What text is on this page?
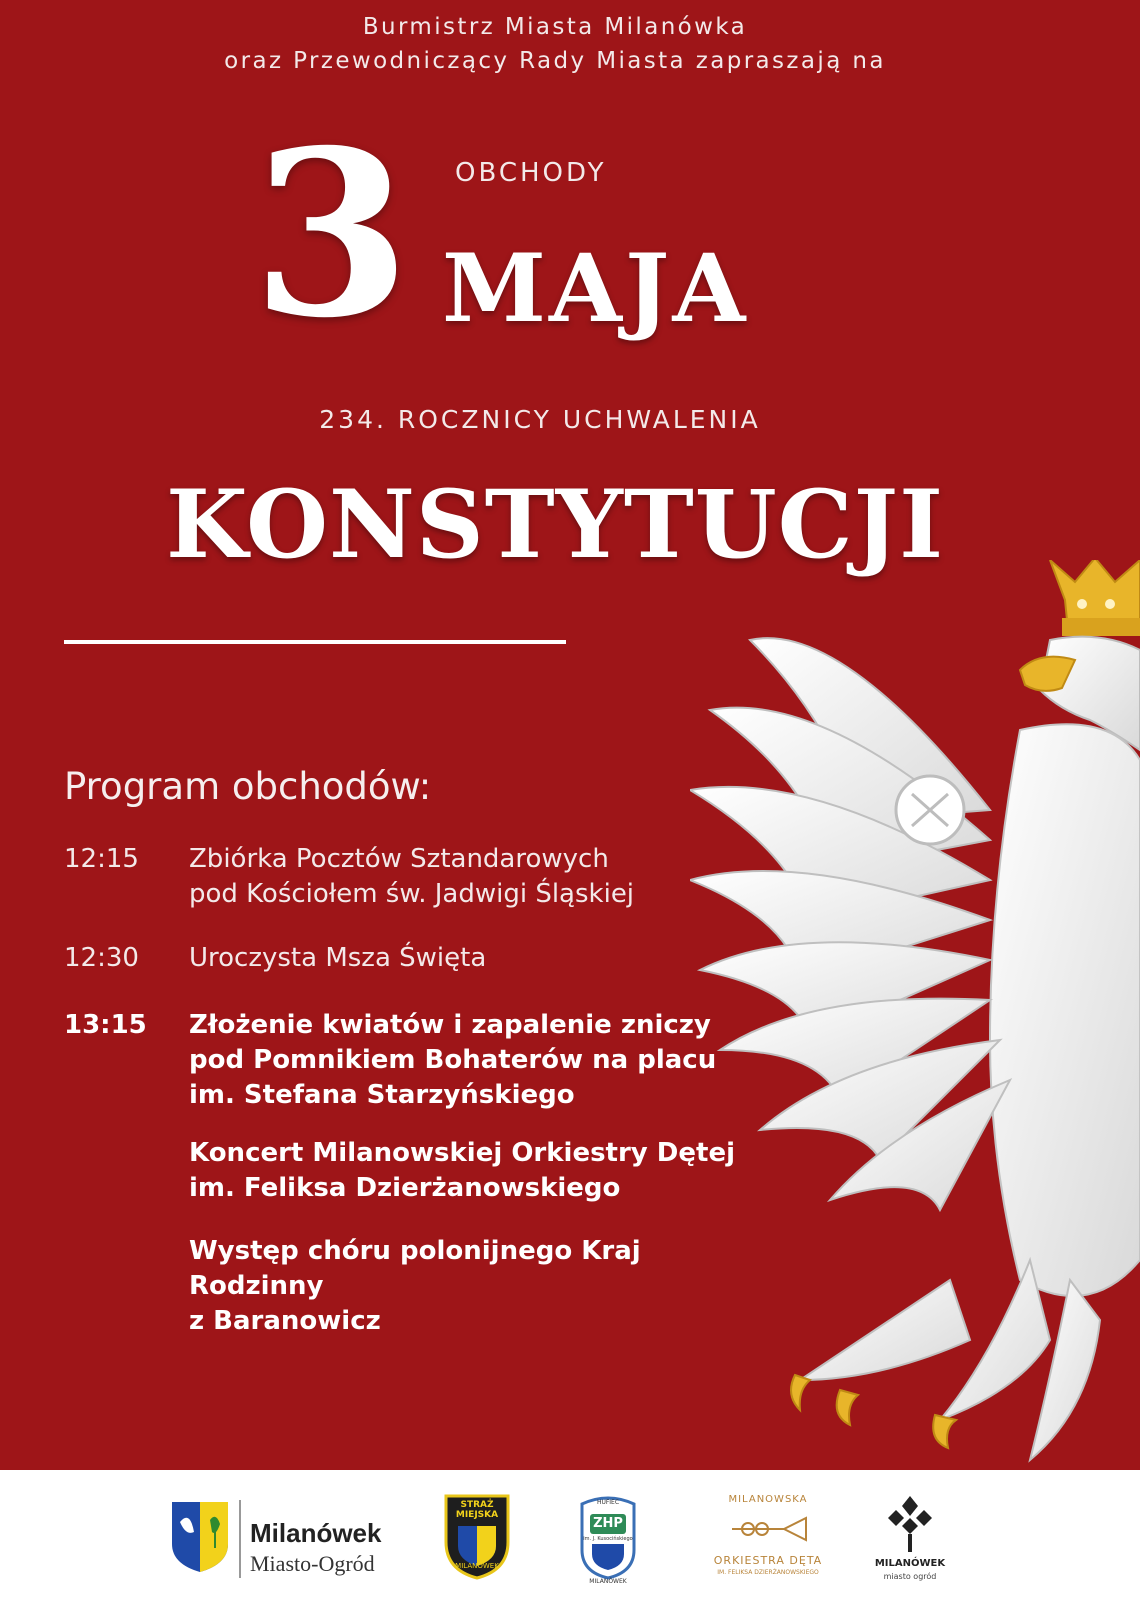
Burmistrz Miasta Milanówka
oraz Przewodniczący Rady Miasta zapraszają na
3 OBCHODY
MAJA
234. ROCZNICY UCHWALENIA
KONSTYTUCJI
Program obchodów:
12:15	Zbiórka Pocztów Sztandarowych
pod Kościołem św. Jadwigi Śląskiej
12:30	Uroczysta Msza Święta
13:15	Złożenie kwiatów i zapalenie zniczy
pod Pomnikiem Bohaterów na placu
im. Stefana Starzyńskiego
Koncert Milanowskiej Orkiestry Dętej
im. Feliksa Dzierżanowskiego
Występ chóru polonijnego Kraj Rodzinny
z Baranowicz
Milanówek
Miasto-Ogród
STRAŻ MIEJSKA
MILANÓWEK
HUFIEC
ZHP
im. J. Kusocińskiego
MILANÓWEK
MILANOWSKA
ORKIESTRA DĘTA
IM. FELIKSA DZIERŻANOWSKIEGO
MILANÓWEK
miasto ogród
